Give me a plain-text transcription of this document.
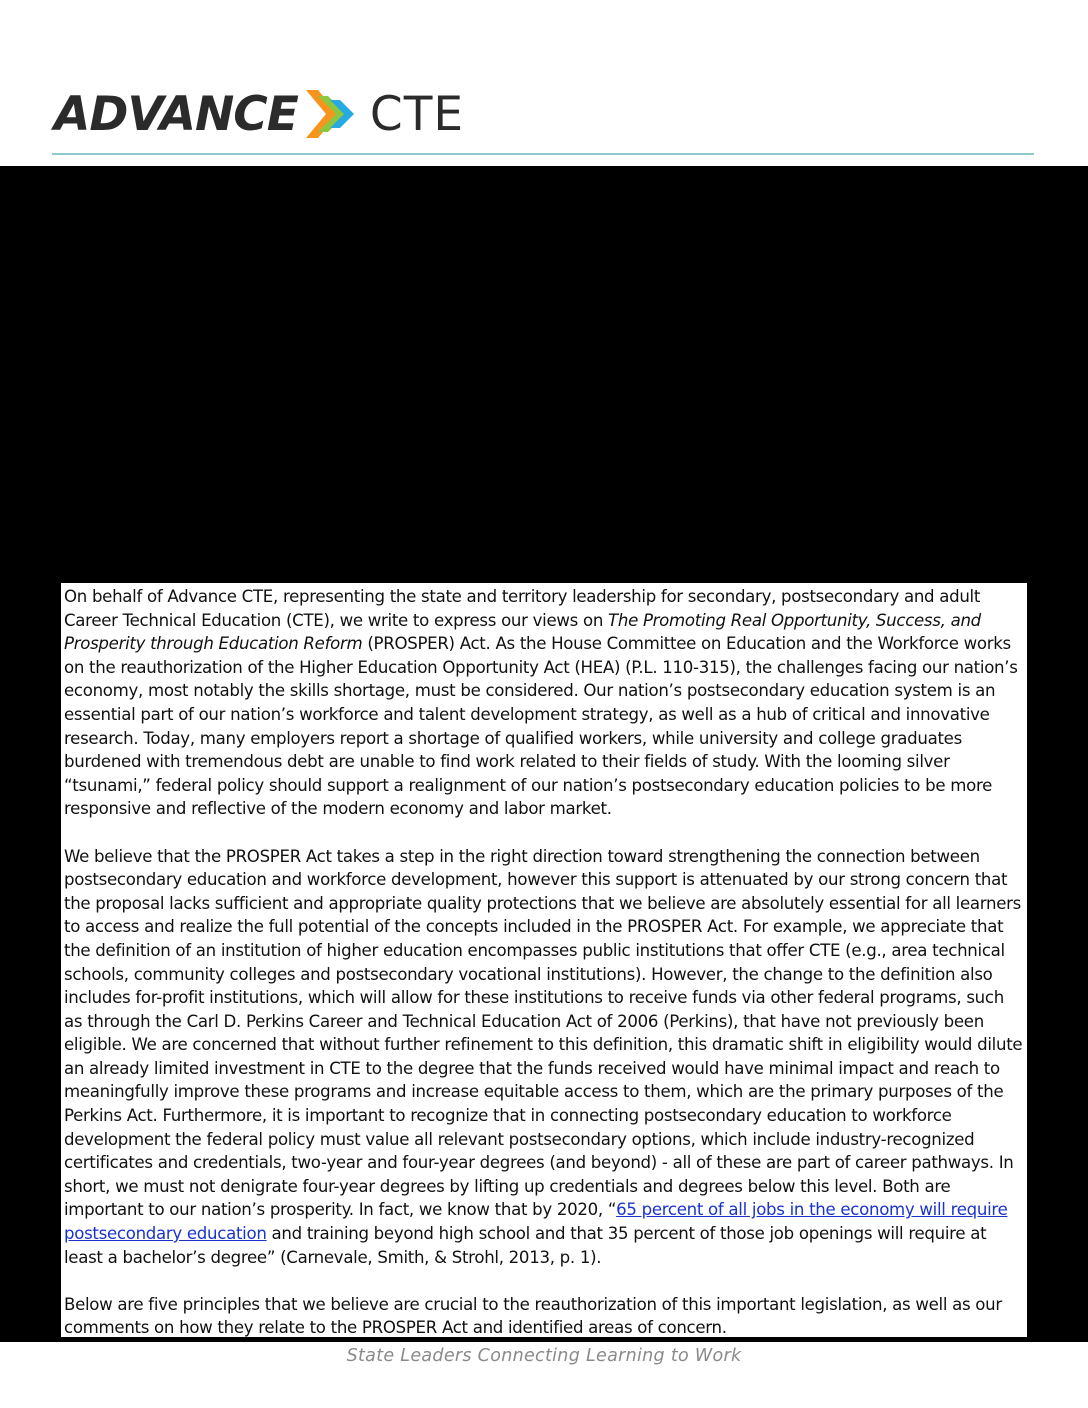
ADVANCE CTE

On behalf of Advance CTE, representing the state and territory leadership for secondary, postsecondary and adult Career Technical Education (CTE), we write to express our views on The Promoting Real Opportunity, Success, and Prosperity through Education Reform (PROSPER) Act. As the House Committee on Education and the Workforce works on the reauthorization of the Higher Education Opportunity Act (HEA) (P.L. 110-315), the challenges facing our nation’s economy, most notably the skills shortage, must be considered. Our nation’s postsecondary education system is an essential part of our nation’s workforce and talent development strategy, as well as a hub of critical and innovative research. Today, many employers report a shortage of qualified workers, while university and college graduates burdened with tremendous debt are unable to find work related to their fields of study. With the looming silver “tsunami,” federal policy should support a realignment of our nation’s postsecondary education policies to be more responsive and reflective of the modern economy and labor market.

We believe that the PROSPER Act takes a step in the right direction toward strengthening the connection between postsecondary education and workforce development, however this support is attenuated by our strong concern that the proposal lacks sufficient and appropriate quality protections that we believe are absolutely essential for all learners to access and realize the full potential of the concepts included in the PROSPER Act. For example, we appreciate that the definition of an institution of higher education encompasses public institutions that offer CTE (e.g., area technical schools, community colleges and postsecondary vocational institutions). However, the change to the definition also includes for-profit institutions, which will allow for these institutions to receive funds via other federal programs, such as through the Carl D. Perkins Career and Technical Education Act of 2006 (Perkins), that have not previously been eligible. We are concerned that without further refinement to this definition, this dramatic shift in eligibility would dilute an already limited investment in CTE to the degree that the funds received would have minimal impact and reach to meaningfully improve these programs and increase equitable access to them, which are the primary purposes of the Perkins Act. Furthermore, it is important to recognize that in connecting postsecondary education to workforce development the federal policy must value all relevant postsecondary options, which include industry-recognized certificates and credentials, two-year and four-year degrees (and beyond) - all of these are part of career pathways. In short, we must not denigrate four-year degrees by lifting up credentials and degrees below this level. Both are important to our nation’s prosperity. In fact, we know that by 2020, “65 percent of all jobs in the economy will require postsecondary education and training beyond high school and that 35 percent of those job openings will require at least a bachelor’s degree” (Carnevale, Smith, & Strohl, 2013, p. 1).

Below are five principles that we believe are crucial to the reauthorization of this important legislation, as well as our comments on how they relate to the PROSPER Act and identified areas of concern.

State Leaders Connecting Learning to Work
